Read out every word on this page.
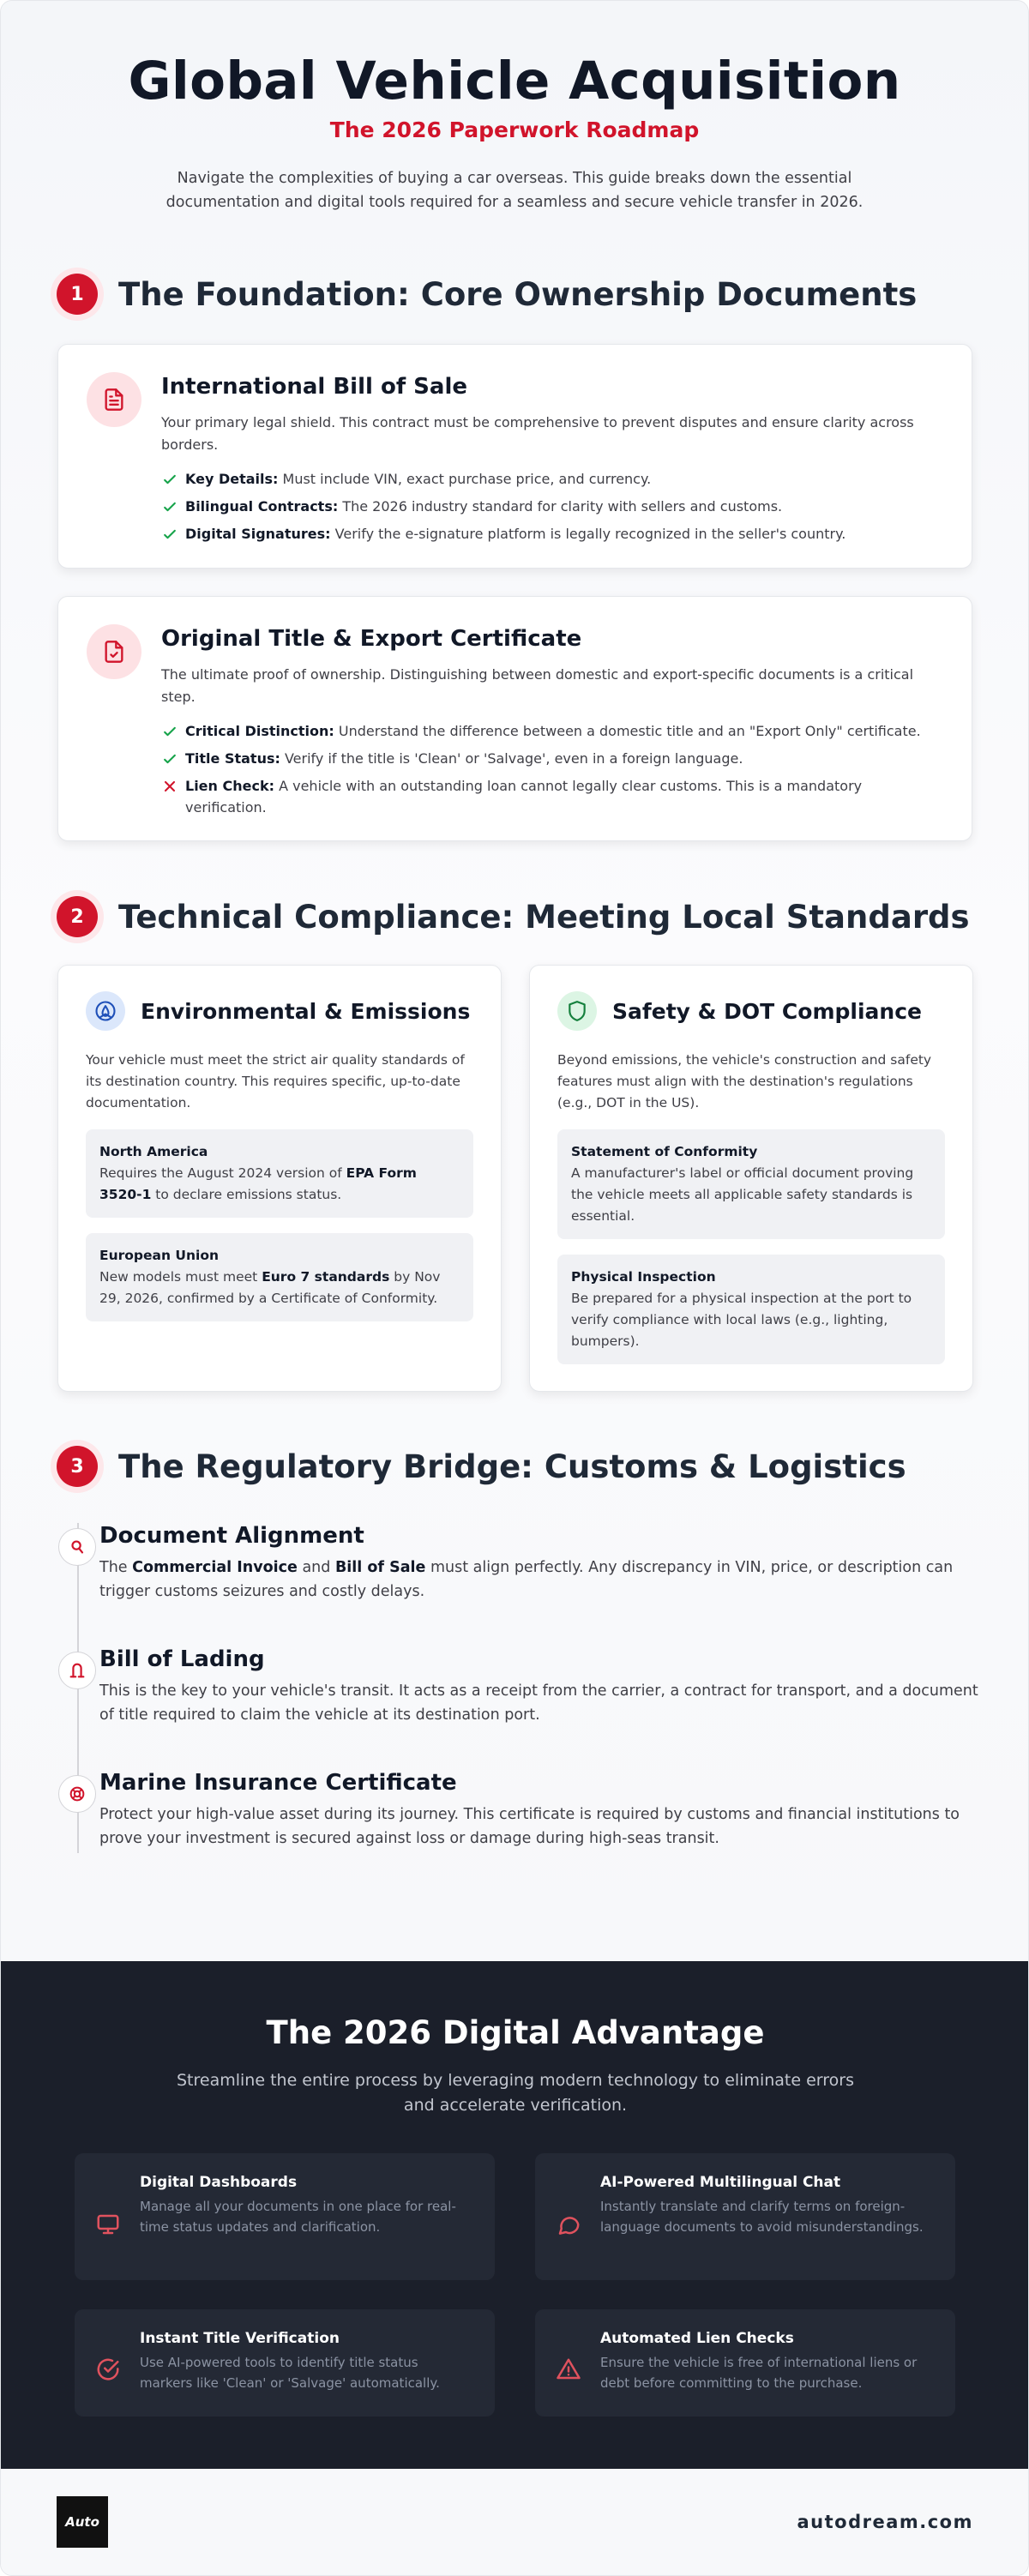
Global Vehicle Acquisition
The 2026 Paperwork Roadmap

Navigate the complexities of buying a car overseas. This guide breaks down the essential documentation and digital tools required for a seamless and secure vehicle transfer in 2026.

1	The Foundation: Core Ownership Documents
International Bill of Sale

Your primary legal shield. This contract must be comprehensive to prevent disputes and ensure clarity across borders.

Key Details: Must include VIN, exact purchase price, and currency.
Bilingual Contracts: The 2026 industry standard for clarity with sellers and customs.
Digital Signatures: Verify the e-signature platform is legally recognized in the seller's country.
Original Title & Export Certificate

The ultimate proof of ownership. Distinguishing between domestic and export-specific documents is a critical step.

Critical Distinction: Understand the difference between a domestic title and an "Export Only" certificate.
Title Status: Verify if the title is 'Clean' or 'Salvage', even in a foreign language.
Lien Check: A vehicle with an outstanding loan cannot legally clear customs. This is a mandatory verification.
2	Technical Compliance: Meeting Local Standards
Environmental & Emissions

Your vehicle must meet the strict air quality standards of its destination country. This requires specific, up-to-date documentation.

North America
Requires the August 2024 version of EPA Form 3520-1 to declare emissions status.
European Union
New models must meet Euro 7 standards by Nov 29, 2026, confirmed by a Certificate of Conformity.
Safety & DOT Compliance

Beyond emissions, the vehicle's construction and safety features must align with the destination's regulations (e.g., DOT in the US).

Statement of Conformity
A manufacturer's label or official document proving the vehicle meets all applicable safety standards is essential.
Physical Inspection
Be prepared for a physical inspection at the port to verify compliance with local laws (e.g., lighting, bumpers).
3	The Regulatory Bridge: Customs & Logistics
Document Alignment

The Commercial Invoice and Bill of Sale must align perfectly. Any discrepancy in VIN, price, or description can trigger customs seizures and costly delays.

Bill of Lading

This is the key to your vehicle's transit. It acts as a receipt from the carrier, a contract for transport, and a document of title required to claim the vehicle at its destination port.

Marine Insurance Certificate

Protect your high-value asset during its journey. This certificate is required by customs and financial institutions to prove your investment is secured against loss or damage during high-seas transit.

The 2026 Digital Advantage

Streamline the entire process by leveraging modern technology to eliminate errors and accelerate verification.

Digital Dashboards

Manage all your documents in one place for real-time status updates and clarification.

AI-Powered Multilingual Chat

Instantly translate and clarify terms on foreign-language documents to avoid misunderstandings.

Instant Title Verification

Use AI-powered tools to identify title status markers like 'Clean' or 'Salvage' automatically.

Automated Lien Checks

Ensure the vehicle is free of international liens or debt before committing to the purchase.

Auto	autodream.com
